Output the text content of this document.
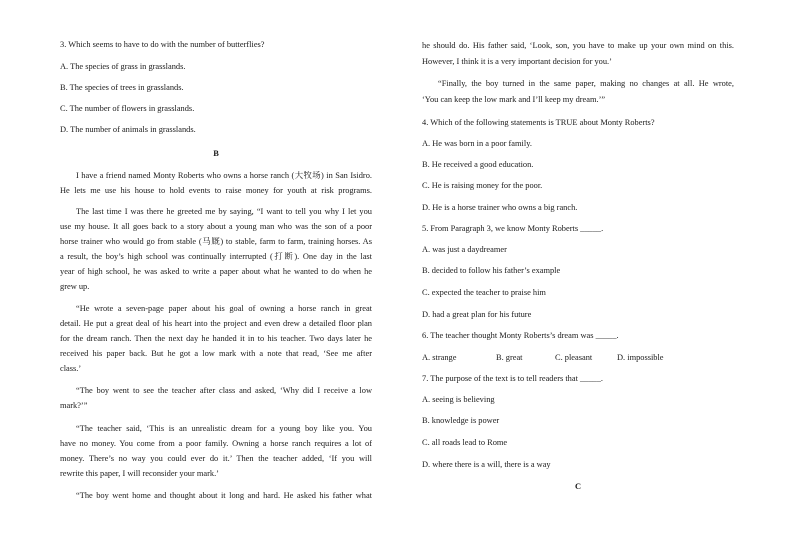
3. Which seems to have to do with the number of butterflies?
A. The species of grass in grasslands.
B. The species of trees in grasslands.
C. The number of flowers in grasslands.
D. The number of animals in grasslands.
B
I have a friend named Monty Roberts who owns a horse ranch (大牧场) in San Isidro.
He lets me use his house to hold events to raise money for youth at risk programs.
The last time I was there he greeted me by saying, “I want to tell you why I let you
use my house. It all goes back to a story about a young man who was the son of a poor
horse trainer who would go from stable (马厩) to stable, farm to farm, training horses. As
a result, the boy’s high school was continually interrupted (打断). One day in the last
year of high school, he was asked to write a paper about what he wanted to do when he
grew up.
“He wrote a seven-page paper about his goal of owning a horse ranch in great
detail. He put a great deal of his heart into the project and even drew a detailed floor plan
for the dream ranch. Then the next day he handed it in to his teacher. Two days later he
received his paper back. But he got a low mark with a note that read, ‘See me after
class.’
“The boy went to see the teacher after class and asked, ‘Why did I receive a low
mark?’”
“The teacher said, ‘This is an unrealistic dream for a young boy like you. You
have no money. You come from a poor family. Owning a horse ranch requires a lot of
money. There’s no way you could ever do it.’ Then the teacher added, ‘If you will
rewrite this paper, I will reconsider your mark.’
“The boy went home and thought about it long and hard. He asked his father what
he should do. His father said, ‘Look, son, you have to make up your own mind on this.
However, I think it is a very important decision for you.’
“Finally, the boy turned in the same paper, making no changes at all. He wrote,
‘You can keep the low mark and I’ll keep my dream.’”
4. Which of the following statements is TRUE about Monty Roberts?
A. He was born in a poor family.
B. He received a good education.
C. He is raising money for the poor.
D. He is a horse trainer who owns a big ranch.
5. From Paragraph 3, we know Monty Roberts _____.
A. was just a daydreamer
B. decided to follow his father’s example
C. expected the teacher to praise him
D. had a great plan for his future
6. The teacher thought Monty Roberts’s dream was _____.
A. strange	B. great	C. pleasant	D. impossible
7. The purpose of the text is to tell readers that _____.
A. seeing is believing
B. knowledge is power
C. all roads lead to Rome
D. where there is a will, there is a way
C
